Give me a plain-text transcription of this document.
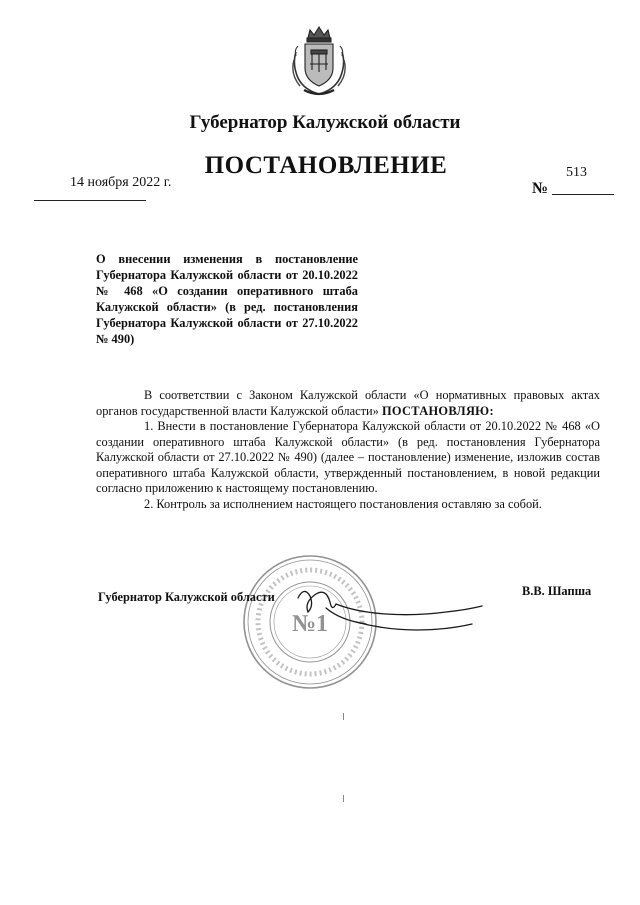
Губернатор Калужской области
ПОСТАНОВЛЕНИЕ
14 ноября 2022 г.
513
№
О внесении изменения в постановление Губернатора Калужской области от 20.10.2022 № 468 «О создании оперативного штаба Калужской области» (в ред. постановления Губернатора Калужской области от 27.10.2022 № 490)

В соответствии с Законом Калужской области «О нормативных правовых актах органов государственной власти Калужской области» ПОСТАНОВЛЯЮ:

1. Внести в постановление Губернатора Калужской области от 20.10.2022 № 468 «О создании оперативного штаба Калужской области» (в ред. постановления Губернатора Калужской области от 27.10.2022 № 490) (далее – постановление) изменение, изложив состав оперативного штаба Калужской области, утвержденный постановлением, в новой редакции согласно приложению к настоящему постановлению.

2. Контроль за исполнением настоящего постановления оставляю за собой.

№1
Губернатор Калужской области	В.В. Шапша
